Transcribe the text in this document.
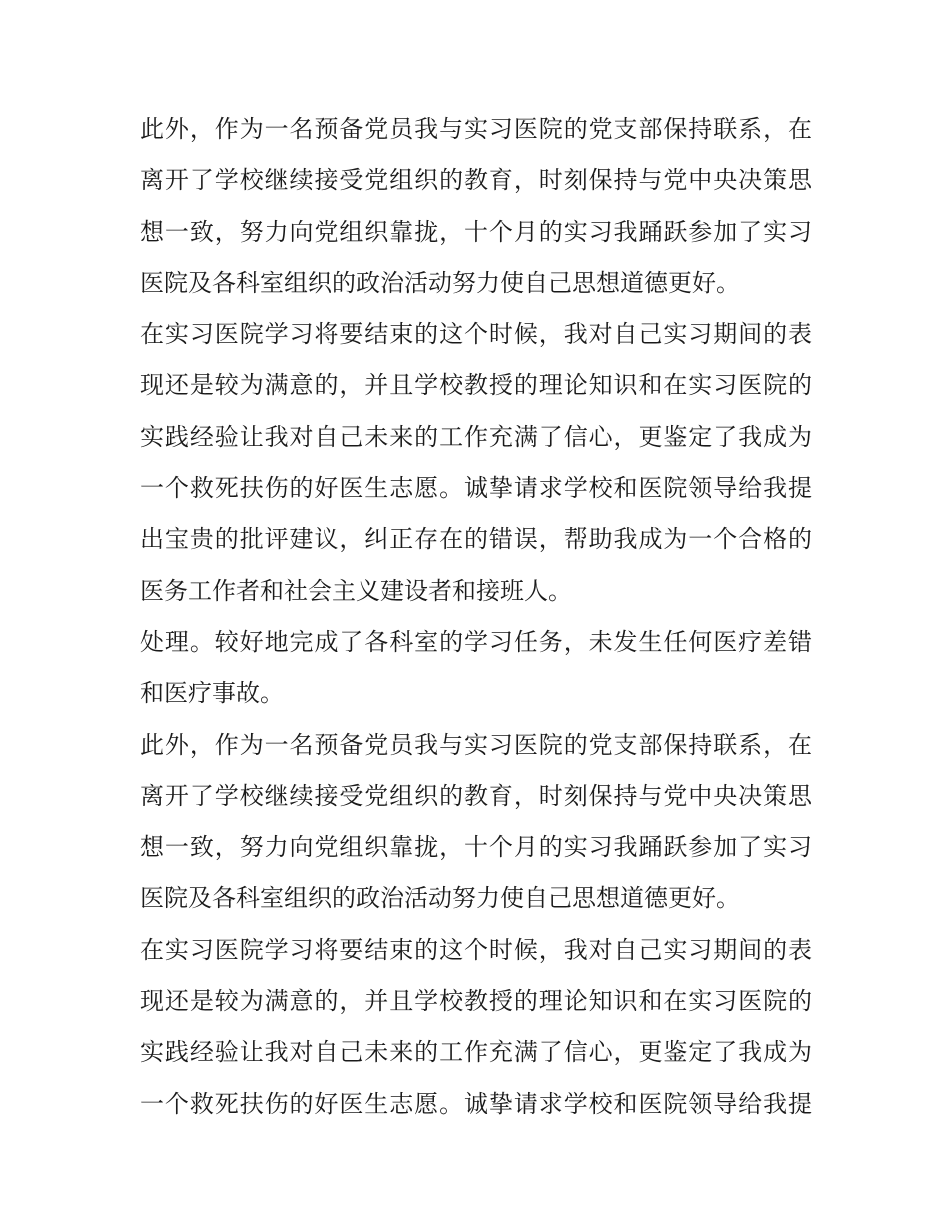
此外，作为一名预备党员我与实习医院的党支部保持联系，在
离开了学校继续接受党组织的教育，时刻保持与党中央决策思
想一致，努力向党组织靠拢，十个月的实习我踊跃参加了实习
医院及各科室组织的政治活动努力使自己思想道德更好。

在实习医院学习将要结束的这个时候，我对自己实习期间的表
现还是较为满意的，并且学校教授的理论知识和在实习医院的
实践经验让我对自己未来的工作充满了信心，更鉴定了我成为
一个救死扶伤的好医生志愿。诚挚请求学校和医院领导给我提
出宝贵的批评建议，纠正存在的错误，帮助我成为一个合格的
医务工作者和社会主义建设者和接班人。

处理。较好地完成了各科室的学习任务，未发生任何医疗差错
和医疗事故。

此外，作为一名预备党员我与实习医院的党支部保持联系，在
离开了学校继续接受党组织的教育，时刻保持与党中央决策思
想一致，努力向党组织靠拢，十个月的实习我踊跃参加了实习
医院及各科室组织的政治活动努力使自己思想道德更好。

在实习医院学习将要结束的这个时候，我对自己实习期间的表
现还是较为满意的，并且学校教授的理论知识和在实习医院的
实践经验让我对自己未来的工作充满了信心，更鉴定了我成为
一个救死扶伤的好医生志愿。诚挚请求学校和医院领导给我提
